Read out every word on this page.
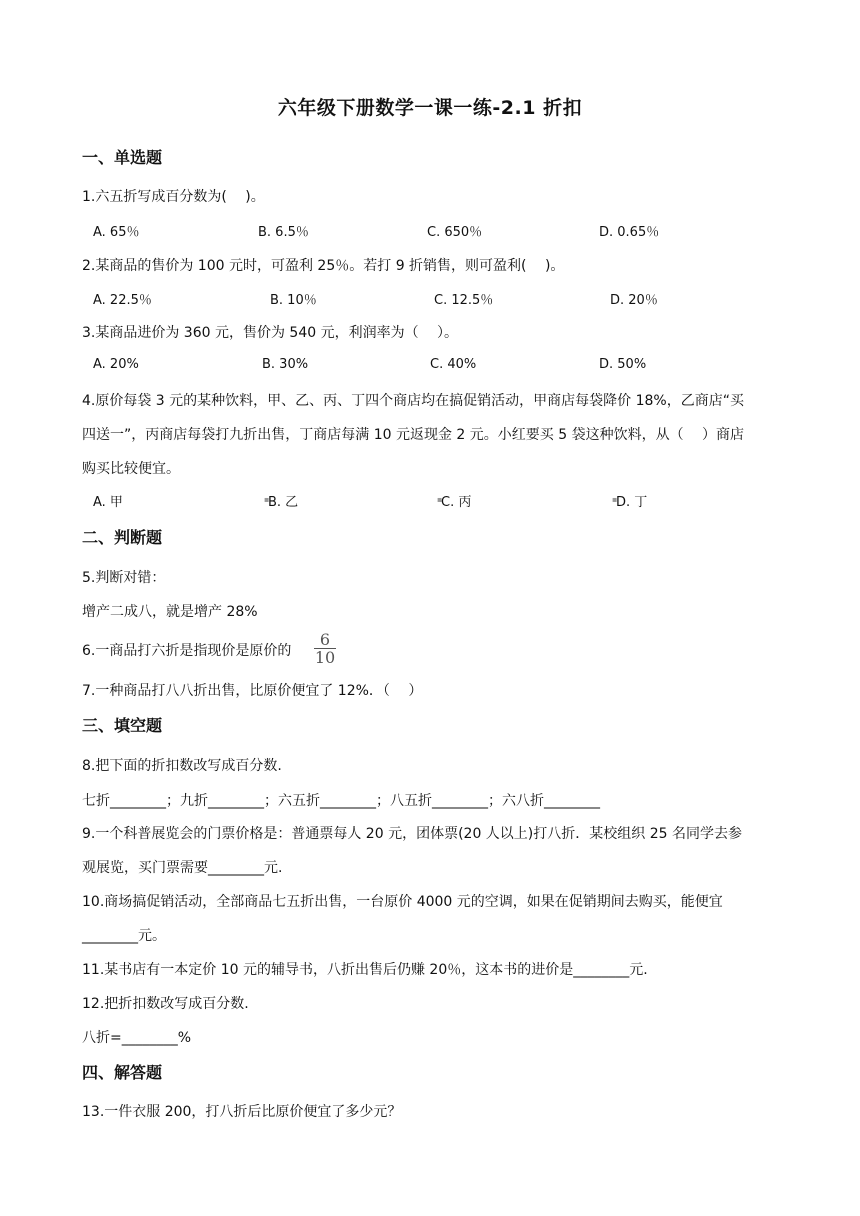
六年级下册数学一课一练-2.1 折扣
一、单选题
1.六五折写成百分数为(　 )。
A. 65％	B. 6.5％	C. 650％	D. 0.65％
2.某商品的售价为 100 元时，可盈利 25％。若打 9 折销售，则可盈利(　 )。
A. 22.5％	B. 10％	C. 12.5％	D. 20％
3.某商品进价为 360 元，售价为 540 元，利润率为（　 ）。
A. 20%	B. 30%	C. 40%	D. 50%
4.原价每袋 3 元的某种饮料，甲、乙、丙、丁四个商店均在搞促销活动，甲商店每袋降价 18%，乙商店“买
四送一”，丙商店每袋打九折出售，丁商店每满 10 元返现金 2 元。小红要买 5 袋这种饮料，从（　 ）商店
购买比较便宜。
A. 甲	▪
B. 乙	▪
C. 丙	▪
D. 丁
二、判断题
5.判断对错：
增产二成八，就是增产 28%
6.一商品打六折是指现价是原价的
6
10
7.一种商品打八八折出售，比原价便宜了 12%．（　 ）
三、填空题
8.把下面的折扣数改写成百分数.
七折________；九折________；六五折________；八五折________；六八折________
9.一个科普展览会的门票价格是：普通票每人 20 元，团体票(20 人以上)打八折．某校组织 25 名同学去参
观展览，买门票需要________元.
10.商场搞促销活动，全部商品七五折出售，一台原价 4000 元的空调，如果在促销期间去购买，能便宜
________元。
11.某书店有一本定价 10 元的辅导书，八折出售后仍赚 20％，这本书的进价是________元.
12.把折扣数改写成百分数.
八折=________%
四、解答题
13.一件衣服 200，打八折后比原价便宜了多少元？
